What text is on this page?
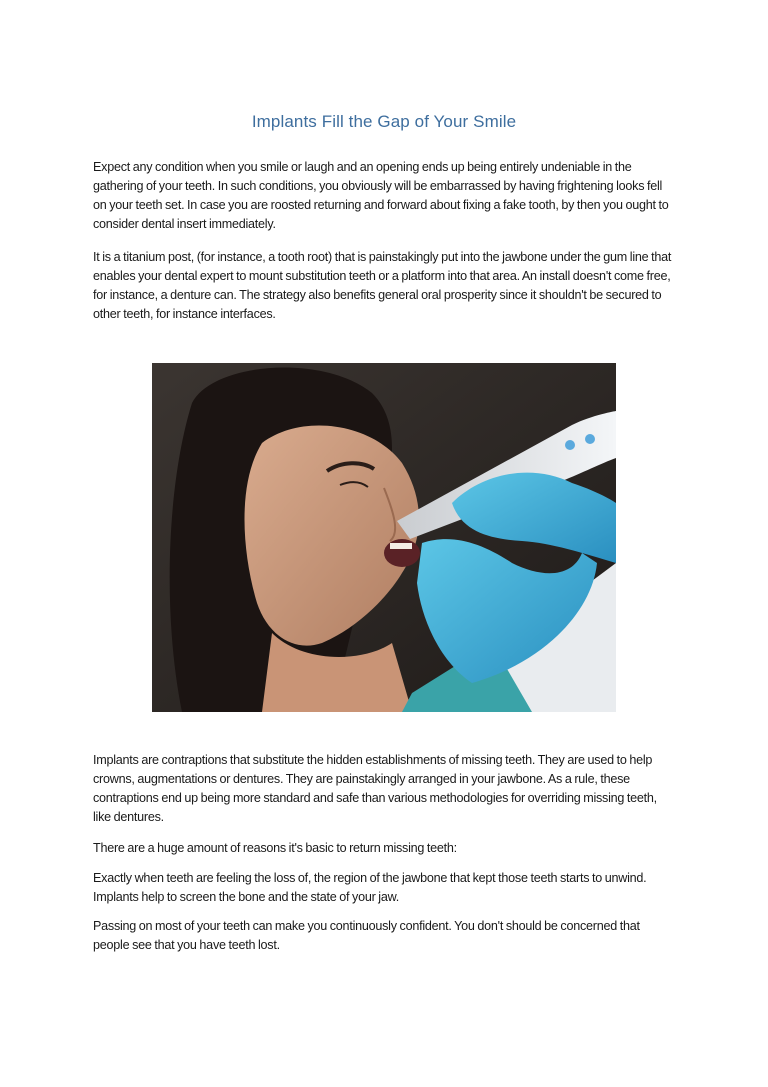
Implants Fill the Gap of Your Smile

Expect any condition when you smile or laugh and an opening ends up being entirely undeniable in the gathering of your teeth. In such conditions, you obviously will be embarrassed by having frightening looks fell on your teeth set. In case you are roosted returning and forward about fixing a fake tooth, by then you ought to consider dental insert immediately.

It is a titanium post, (for instance, a tooth root) that is painstakingly put into the jawbone under the gum line that enables your dental expert to mount substitution teeth or a platform into that area. An install doesn't come free, for instance, a denture can. The strategy also benefits general oral prosperity since it shouldn't be secured to other teeth, for instance interfaces.

Implants are contraptions that substitute the hidden establishments of missing teeth. They are used to help crowns, augmentations or dentures. They are painstakingly arranged in your jawbone. As a rule, these contraptions end up being more standard and safe than various methodologies for overriding missing teeth, like dentures.

There are a huge amount of reasons it's basic to return missing teeth:

Exactly when teeth are feeling the loss of, the region of the jawbone that kept those teeth starts to unwind. Implants help to screen the bone and the state of your jaw.

Passing on most of your teeth can make you continuously confident. You don't should be concerned that people see that you have teeth lost.
